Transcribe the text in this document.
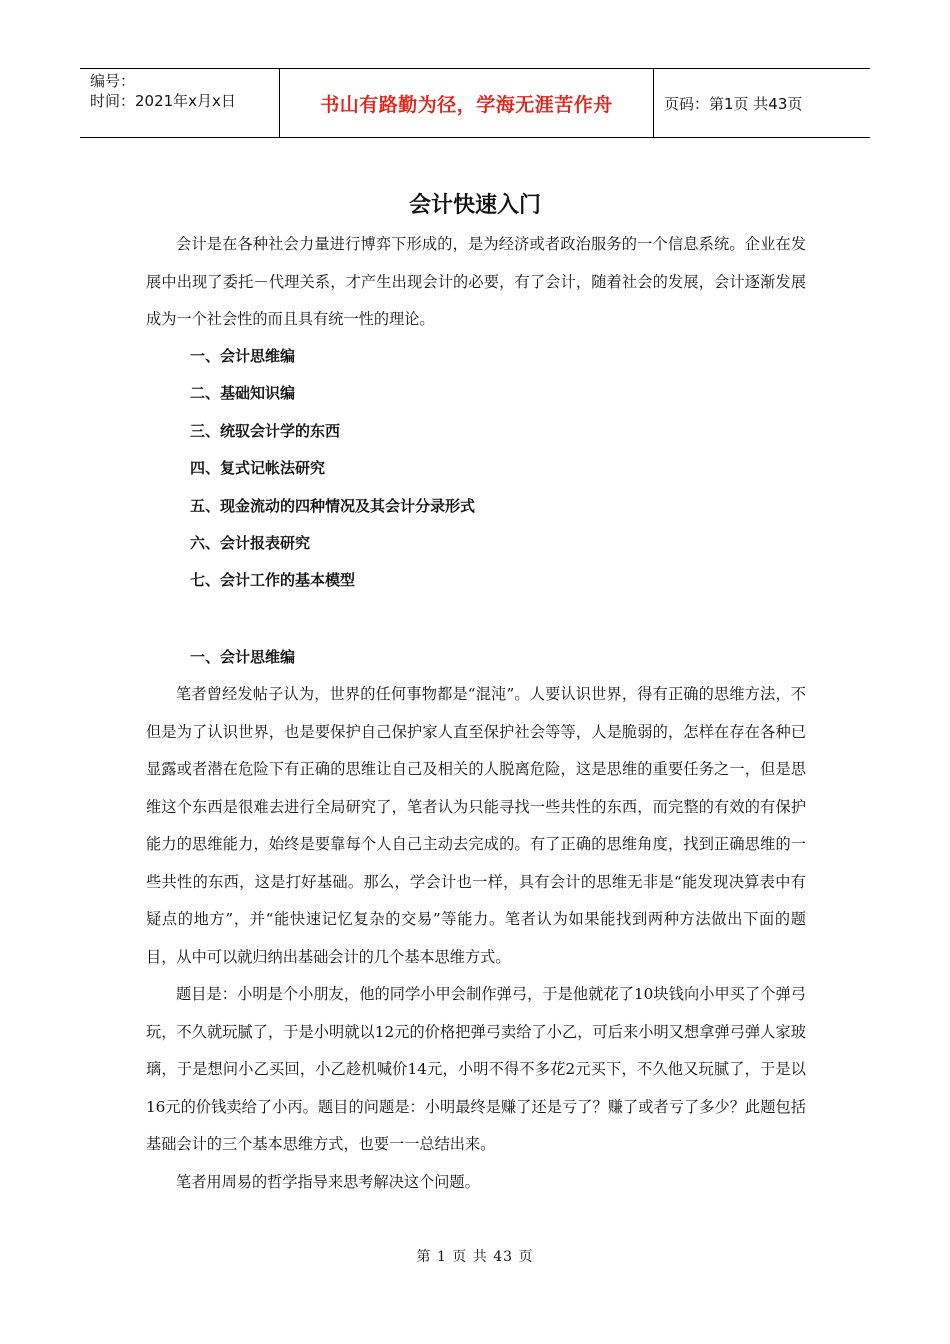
编号：
时间：2021年x月x日	书山有路勤为径，学海无涯苦作舟	页码：第1页 共43页
会计快速入门

会计是在各种社会力量进行博弈下形成的，是为经济或者政治服务的一个信息系统。企业在发展中出现了委托－代理关系，才产生出现会计的必要，有了会计，随着社会的发展，会计逐渐发展成为一个社会性的而且具有统一性的理论。

一、会计思维编
二、基础知识编
三、统驭会计学的东西
四、复式记帐法研究
五、现金流动的四种情况及其会计分录形式
六、会计报表研究
七、会计工作的基本模型
一、会计思维编

笔者曾经发帖子认为，世界的任何事物都是“混沌”。人要认识世界，得有正确的思维方法，不但是为了认识世界，也是要保护自己保护家人直至保护社会等等，人是脆弱的，怎样在存在各种已显露或者潜在危险下有正确的思维让自己及相关的人脱离危险，这是思维的重要任务之一，但是思维这个东西是很难去进行全局研究了，笔者认为只能寻找一些共性的东西，而完整的有效的有保护能力的思维能力，始终是要靠每个人自己主动去完成的。有了正确的思维角度，找到正确思维的一些共性的东西，这是打好基础。那么，学会计也一样，具有会计的思维无非是“能发现决算表中有疑点的地方”，并“能快速记忆复杂的交易”等能力。笔者认为如果能找到两种方法做出下面的题目，从中可以就归纳出基础会计的几个基本思维方式。

题目是：小明是个小朋友，他的同学小甲会制作弹弓，于是他就花了10块钱向小甲买了个弹弓玩，不久就玩腻了，于是小明就以12元的价格把弹弓卖给了小乙，可后来小明又想拿弹弓弹人家玻璃，于是想问小乙买回，小乙趁机喊价14元，小明不得不多花2元买下，不久他又玩腻了，于是以16元的价钱卖给了小丙。题目的问题是：小明最终是赚了还是亏了？赚了或者亏了多少？此题包括基础会计的三个基本思维方式，也要一一总结出来。

笔者用周易的哲学指导来思考解决这个问题。

第 1 页 共 43 页
